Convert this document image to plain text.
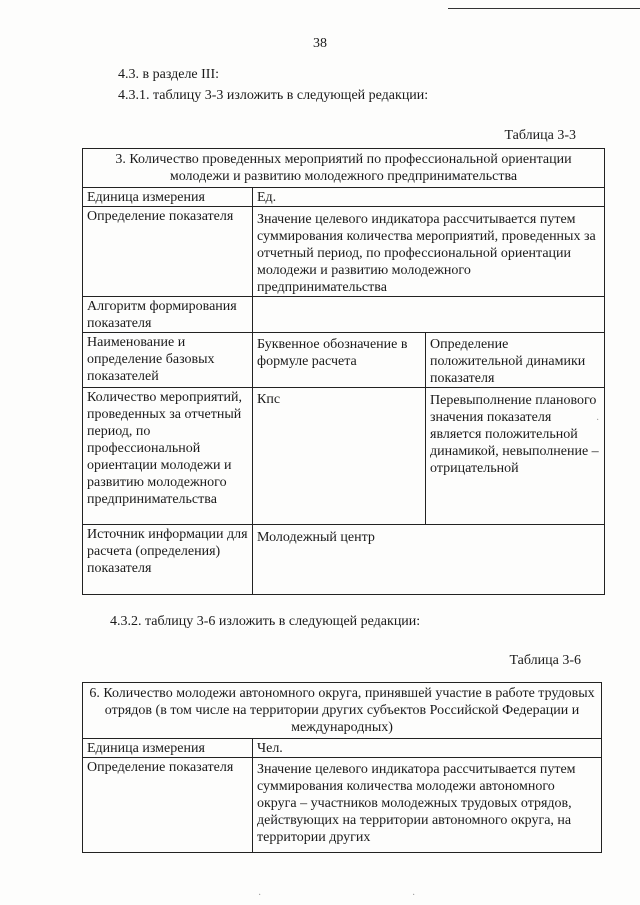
38
4.3. в разделе III:
4.3.1. таблицу 3-3 изложить в следующей редакции:
Таблица 3-3
3. Количество проведенных мероприятий по профессиональной ориентации молодежи и развитию молодежного предпринимательства		
Единица измерения	Ед.	
Определение показателя	Значение целевого индикатора рассчитывается путем суммирования количества мероприятий, проведенных за отчетный период, по профессиональной ориентации молодежи и развитию молодежного предпринимательства	
Алгоритм формирования показателя		
Наименование и определение базовых показателей	Буквенное обозначение в формуле расчета	Определение положительной динамики показателя
Количество мероприятий, проведенных за отчетный период, по профессиональной ориентации молодежи и развитию молодежного предпринимательства	Кпс	Перевыполнение планового значения показателя является положительной динамикой, невыполнение – отрицательной
Источник информации для расчета (определения) показателя	Молодежный центр	
4.3.2. таблицу 3-6 изложить в следующей редакции:
Таблица 3-6
6. Количество молодежи автономного округа, принявшей участие в работе трудовых отрядов (в том числе на территории других субъектов Российской Федерации и международных)	
Единица измерения	Чел.
Определение показателя	Значение целевого индикатора рассчитывается путем суммирования количества молодежи автономного округа – участников молодежных трудовых отрядов, действующих на территории автономного округа, на территории других
·
·	·
